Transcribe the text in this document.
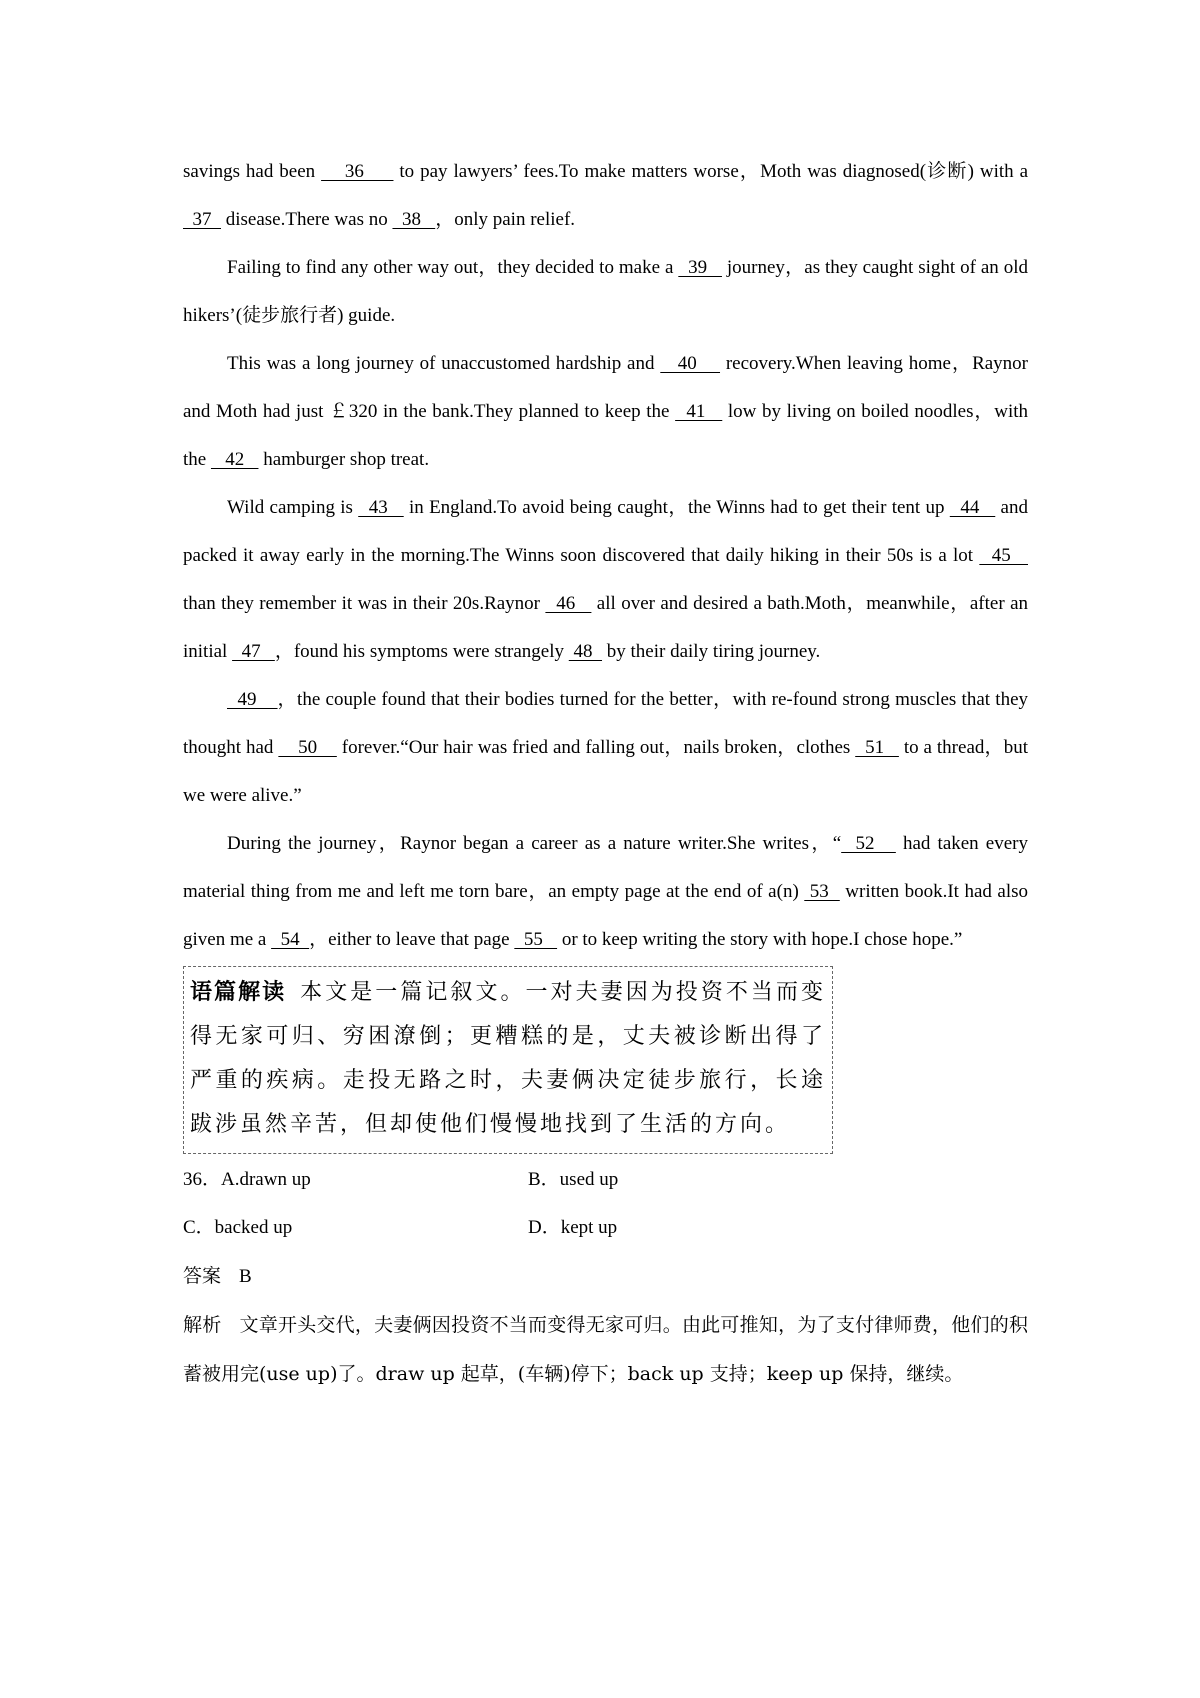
savings had been     36      to pay lawyers’ fees.To make matters worse，Moth was diagnosed(诊断) with a   37   disease.There was no   38   ，only pain relief.

Failing to find any other way out，they decided to make a   39    journey，as they caught sight of an old hikers’(徒步旅行者) guide.

This was a long journey of unaccustomed hardship and    40     recovery.When leaving home，Raynor and Moth had just ￡320 in the bank.They planned to keep the   41    low by living on boiled noodles，with the    42    hamburger shop treat.

Wild camping is   43    in England.To avoid being caught，the Winns had to get their tent up   44    and packed it away early in the morning.The Winns soon discovered that daily hiking in their 50s is a lot   45    than they remember it was in their 20s.Raynor   46    all over and desired a bath.Moth，meanwhile，after an initial   47   ，found his symptoms were strangely  48   by their daily tiring journey.

49    ，the couple found that their bodies turned for the better，with re-found strong muscles that they thought had     50     forever.“Our hair was fried and falling out，nails broken，clothes   51    to a thread，but we were alive.”

During the journey，Raynor began a career as a nature writer.She writes，“  52    had taken every material thing from me and left me torn bare，an empty page at the end of a(n)  53   written book.It had also given me a   54  ，either to leave that page   55    or to keep writing the story with hope.I chose hope.”

语篇解读 本文是一篇记叙文。一对夫妻因为投资不当而变得无家可归、穷困潦倒；更糟糕的是，丈夫被诊断出得了严重的疾病。走投无路之时，夫妻俩决定徒步旅行，长途跋涉虽然辛苦，但却使他们慢慢地找到了生活的方向。
36．A.drawn up	B．used up
C．backed up	D．kept up

答案 B

解析 文章开头交代，夫妻俩因投资不当而变得无家可归。由此可推知，为了支付律师费，他们的积蓄被用完(use up)了。draw up 起草，(车辆)停下；back up 支持；keep up 保持，继续。
